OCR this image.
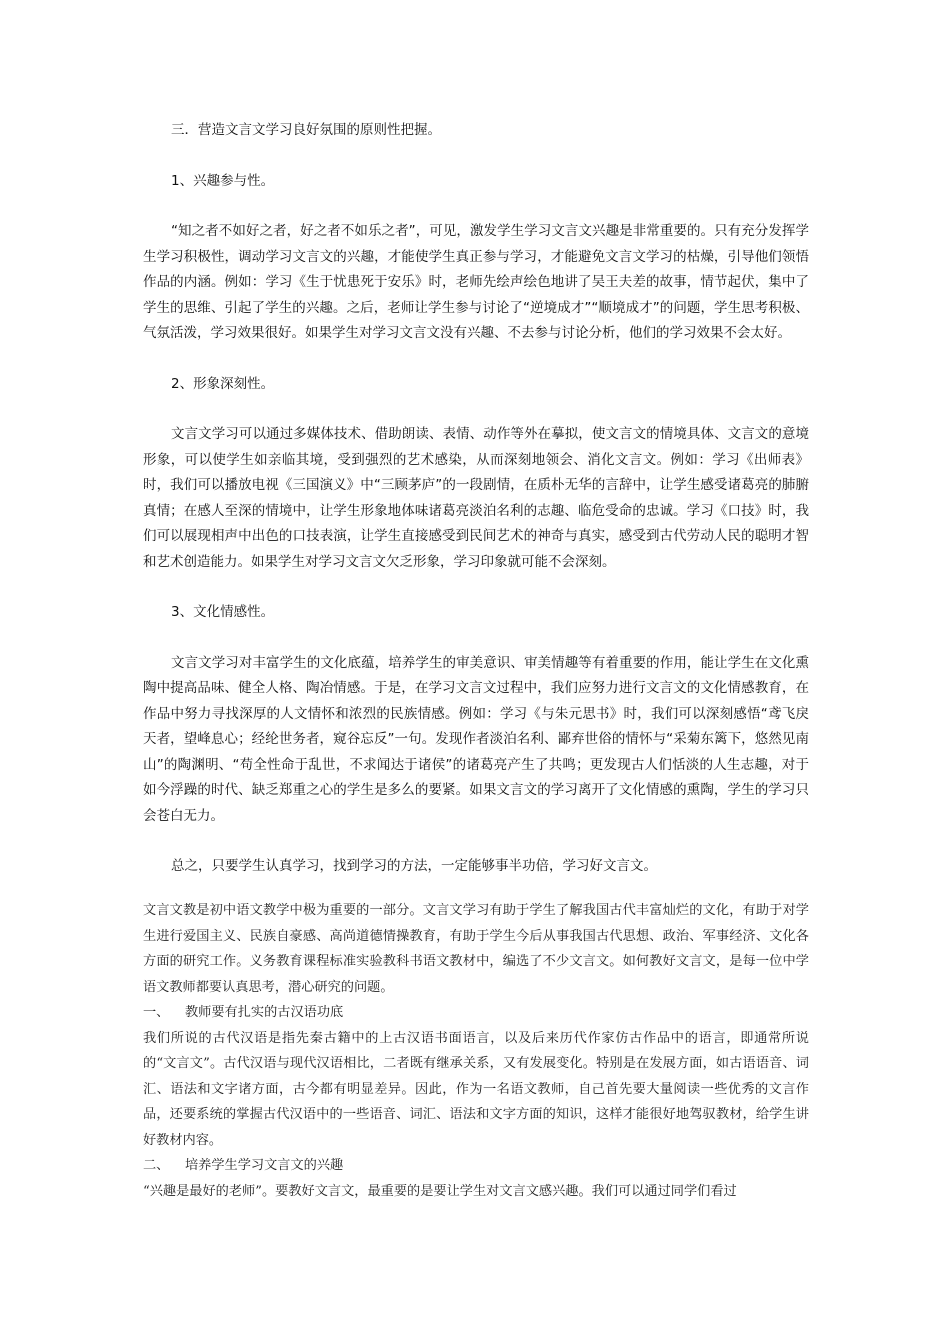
三．营造文言文学习良好氛围的原则性把握。

1、兴趣参与性。

“知之者不如好之者，好之者不如乐之者”，可见，激发学生学习文言文兴趣是非常重要的。只有充分发挥学生学习积极性，调动学习文言文的兴趣，才能使学生真正参与学习，才能避免文言文学习的枯燥，引导他们领悟作品的内涵。例如：学习《生于忧患死于安乐》时，老师先绘声绘色地讲了吴王夫差的故事，情节起伏，集中了学生的思维、引起了学生的兴趣。之后，老师让学生参与讨论了“逆境成才”“顺境成才”的问题，学生思考积极、气氛活泼，学习效果很好。如果学生对学习文言文没有兴趣、不去参与讨论分析，他们的学习效果不会太好。

2、形象深刻性。

文言文学习可以通过多媒体技术、借助朗读、表情、动作等外在摹拟，使文言文的情境具体、文言文的意境形象，可以使学生如亲临其境，受到强烈的艺术感染，从而深刻地领会、消化文言文。例如：学习《出师表》时，我们可以播放电视《三国演义》中“三顾茅庐”的一段剧情，在质朴无华的言辞中，让学生感受诸葛亮的肺腑真情；在感人至深的情境中，让学生形象地体味诸葛亮淡泊名利的志趣、临危受命的忠诚。学习《口技》时，我们可以展现相声中出色的口技表演，让学生直接感受到民间艺术的神奇与真实，感受到古代劳动人民的聪明才智和艺术创造能力。如果学生对学习文言文欠乏形象，学习印象就可能不会深刻。

3、文化情感性。

文言文学习对丰富学生的文化底蕴，培养学生的审美意识、审美情趣等有着重要的作用，能让学生在文化熏陶中提高品味、健全人格、陶冶情感。于是，在学习文言文过程中，我们应努力进行文言文的文化情感教育，在作品中努力寻找深厚的人文情怀和浓烈的民族情感。例如：学习《与朱元思书》时，我们可以深刻感悟“鸢飞戾天者，望峰息心；经纶世务者，窥谷忘反”一句。发现作者淡泊名利、鄙弃世俗的情怀与“采菊东篱下，悠然见南山”的陶渊明、“苟全性命于乱世，不求闻达于诸侯”的诸葛亮产生了共鸣；更发现古人们恬淡的人生志趣，对于如今浮躁的时代、缺乏郑重之心的学生是多么的要紧。如果文言文的学习离开了文化情感的熏陶，学生的学习只会苍白无力。

总之，只要学生认真学习，找到学习的方法，一定能够事半功倍，学习好文言文。

文言文教是初中语文教学中极为重要的一部分。文言文学习有助于学生了解我国古代丰富灿烂的文化，有助于对学生进行爱国主义、民族自豪感、高尚道德情操教育，有助于学生今后从事我国古代思想、政治、军事经济、文化各方面的研究工作。义务教育课程标准实验教科书语文教材中，编选了不少文言文。如何教好文言文，是每一位中学语文教师都要认真思考，潜心研究的问题。

一、 教师要有扎实的古汉语功底

我们所说的古代汉语是指先秦古籍中的上古汉语书面语言，以及后来历代作家仿古作品中的语言，即通常所说的“文言文”。古代汉语与现代汉语相比，二者既有继承关系，又有发展变化。特别是在发展方面，如古语语音、词汇、语法和文字诸方面，古今都有明显差异。因此，作为一名语文教师，自己首先要大量阅读一些优秀的文言作品，还要系统的掌握古代汉语中的一些语音、词汇、语法和文字方面的知识，这样才能很好地驾驭教材，给学生讲好教材内容。

二、 培养学生学习文言文的兴趣

“兴趣是最好的老师”。要教好文言文，最重要的是要让学生对文言文感兴趣。我们可以通过同学们看过
